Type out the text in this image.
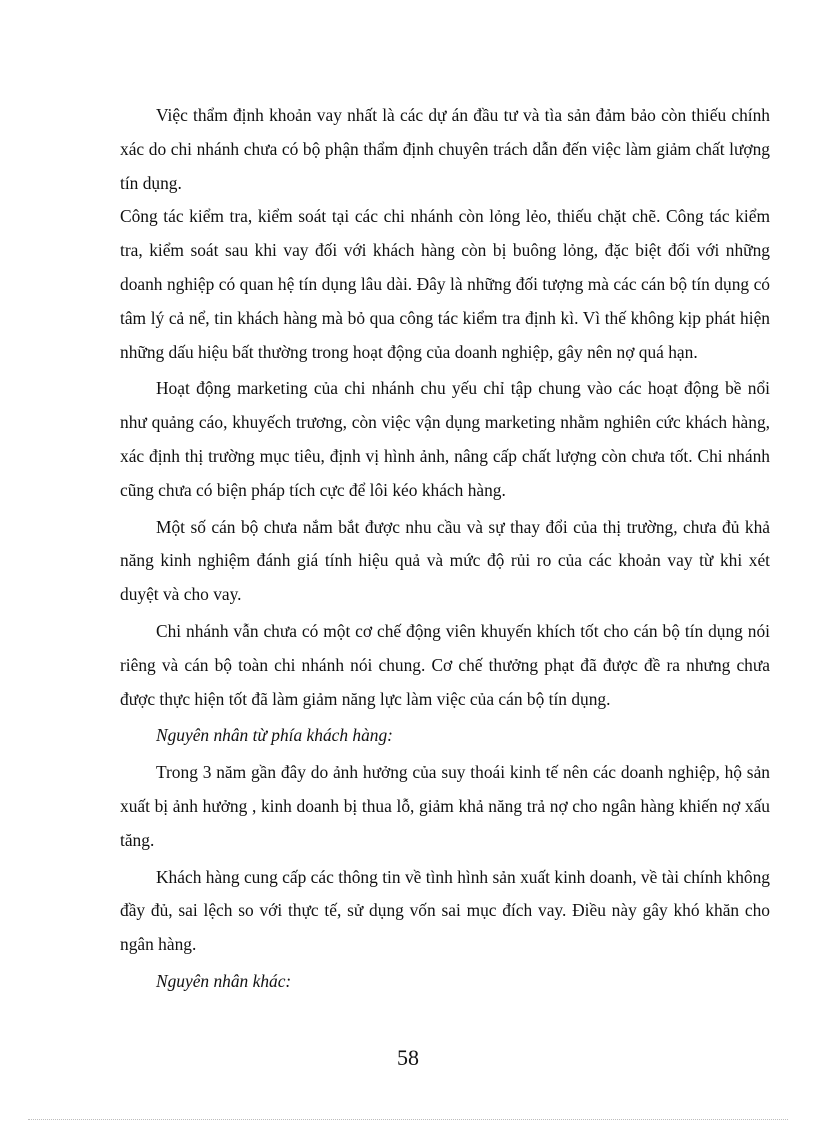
Việc thẩm định khoản vay nhất là các dự án đầu tư và tìa sản đảm bảo còn thiếu chính xác do chi nhánh chưa có bộ phận thẩm định chuyên trách dẫn đến việc làm giảm chất lượng tín dụng.

Công tác kiểm tra, kiểm soát tại các chi nhánh còn lỏng lẻo, thiếu chặt chẽ. Công tác kiểm tra, kiểm soát sau khi vay đối với khách hàng còn bị buông lỏng, đặc biệt đối với những doanh nghiệp có quan hệ tín dụng lâu dài. Đây là những đối tượng mà các cán bộ tín dụng có tâm lý cả nể, tin khách hàng mà bỏ qua công tác kiểm tra định kì. Vì thế không kịp phát hiện những dấu hiệu bất thường trong hoạt động của doanh nghiệp, gây nên nợ quá hạn.

Hoạt động marketing của chi nhánh chu yếu chỉ tập chung vào các hoạt động bề nổi như quảng cáo, khuyếch trương, còn việc vận dụng marketing nhằm nghiên cức khách hàng, xác định thị trường mục tiêu, định vị hình ảnh, nâng cấp chất lượng còn chưa tốt. Chi nhánh cũng chưa có biện pháp tích cực để lôi kéo khách hàng.

Một số cán bộ chưa nắm bắt được nhu cầu và sự thay đổi của thị trường, chưa đủ khả năng kinh nghiệm đánh giá tính hiệu quả và mức độ rủi ro của các khoản vay từ khi xét duyệt và cho vay.

Chi nhánh vẫn chưa có một cơ chế động viên khuyến khích tốt cho cán bộ tín dụng nói riêng và cán bộ toàn chi nhánh nói chung. Cơ chế thưởng phạt đã được đề ra nhưng chưa được thực hiện tốt đã làm giảm năng lực làm việc của cán bộ tín dụng.

Nguyên nhân từ phía khách hàng:

Trong 3 năm gần đây do ảnh hưởng của suy thoái kinh tế nên các doanh nghiệp, hộ sản xuất bị ảnh hưởng , kinh doanh bị thua lỗ, giảm khả năng trả nợ cho ngân hàng khiến nợ xấu tăng.

Khách hàng cung cấp các thông tin về tình hình sản xuất kinh doanh, về tài chính không đầy đủ, sai lệch so với thực tế, sử dụng vốn sai mục đích vay. Điều này gây khó khăn cho ngân hàng.

Nguyên nhân khác:

58
